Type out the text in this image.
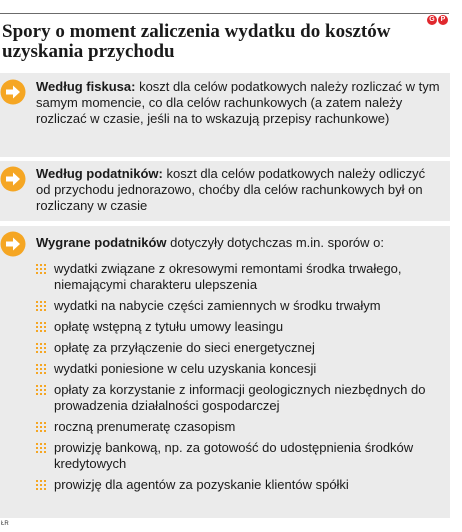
G P
Spory o moment zaliczenia wydatku do kosztów uzyskania przychodu
Według fiskusa: koszt dla celów podatkowych należy rozliczać w tym samym momencie, co dla celów rachunkowych (a zatem należy rozliczać w czasie, jeśli na to wskazują przepisy rachunkowe)
Według podatników: koszt dla celów podatkowych należy odliczyć od przychodu jednorazowo, choćby dla celów rachunkowych był on rozliczany w czasie
Wygrane podatników dotyczyły dotychczas m.in. sporów o:
wydatki związane z okresowymi remontami środka trwałego, niemającymi charakteru ulepszenia
wydatki na nabycie części zamiennych w środku trwałym
opłatę wstępną z tytułu umowy leasingu
opłatę za przyłączenie do sieci energetycznej
wydatki poniesione w celu uzyskania koncesji
opłaty za korzystanie z informacji geologicznych niezbędnych do prowadzenia działalności gospodarczej
roczną prenumeratę czasopism
prowizję bankową, np. za gotowość do udostępnienia środków kredytowych
prowizję dla agentów za pozyskanie klientów spółki
ŁR
